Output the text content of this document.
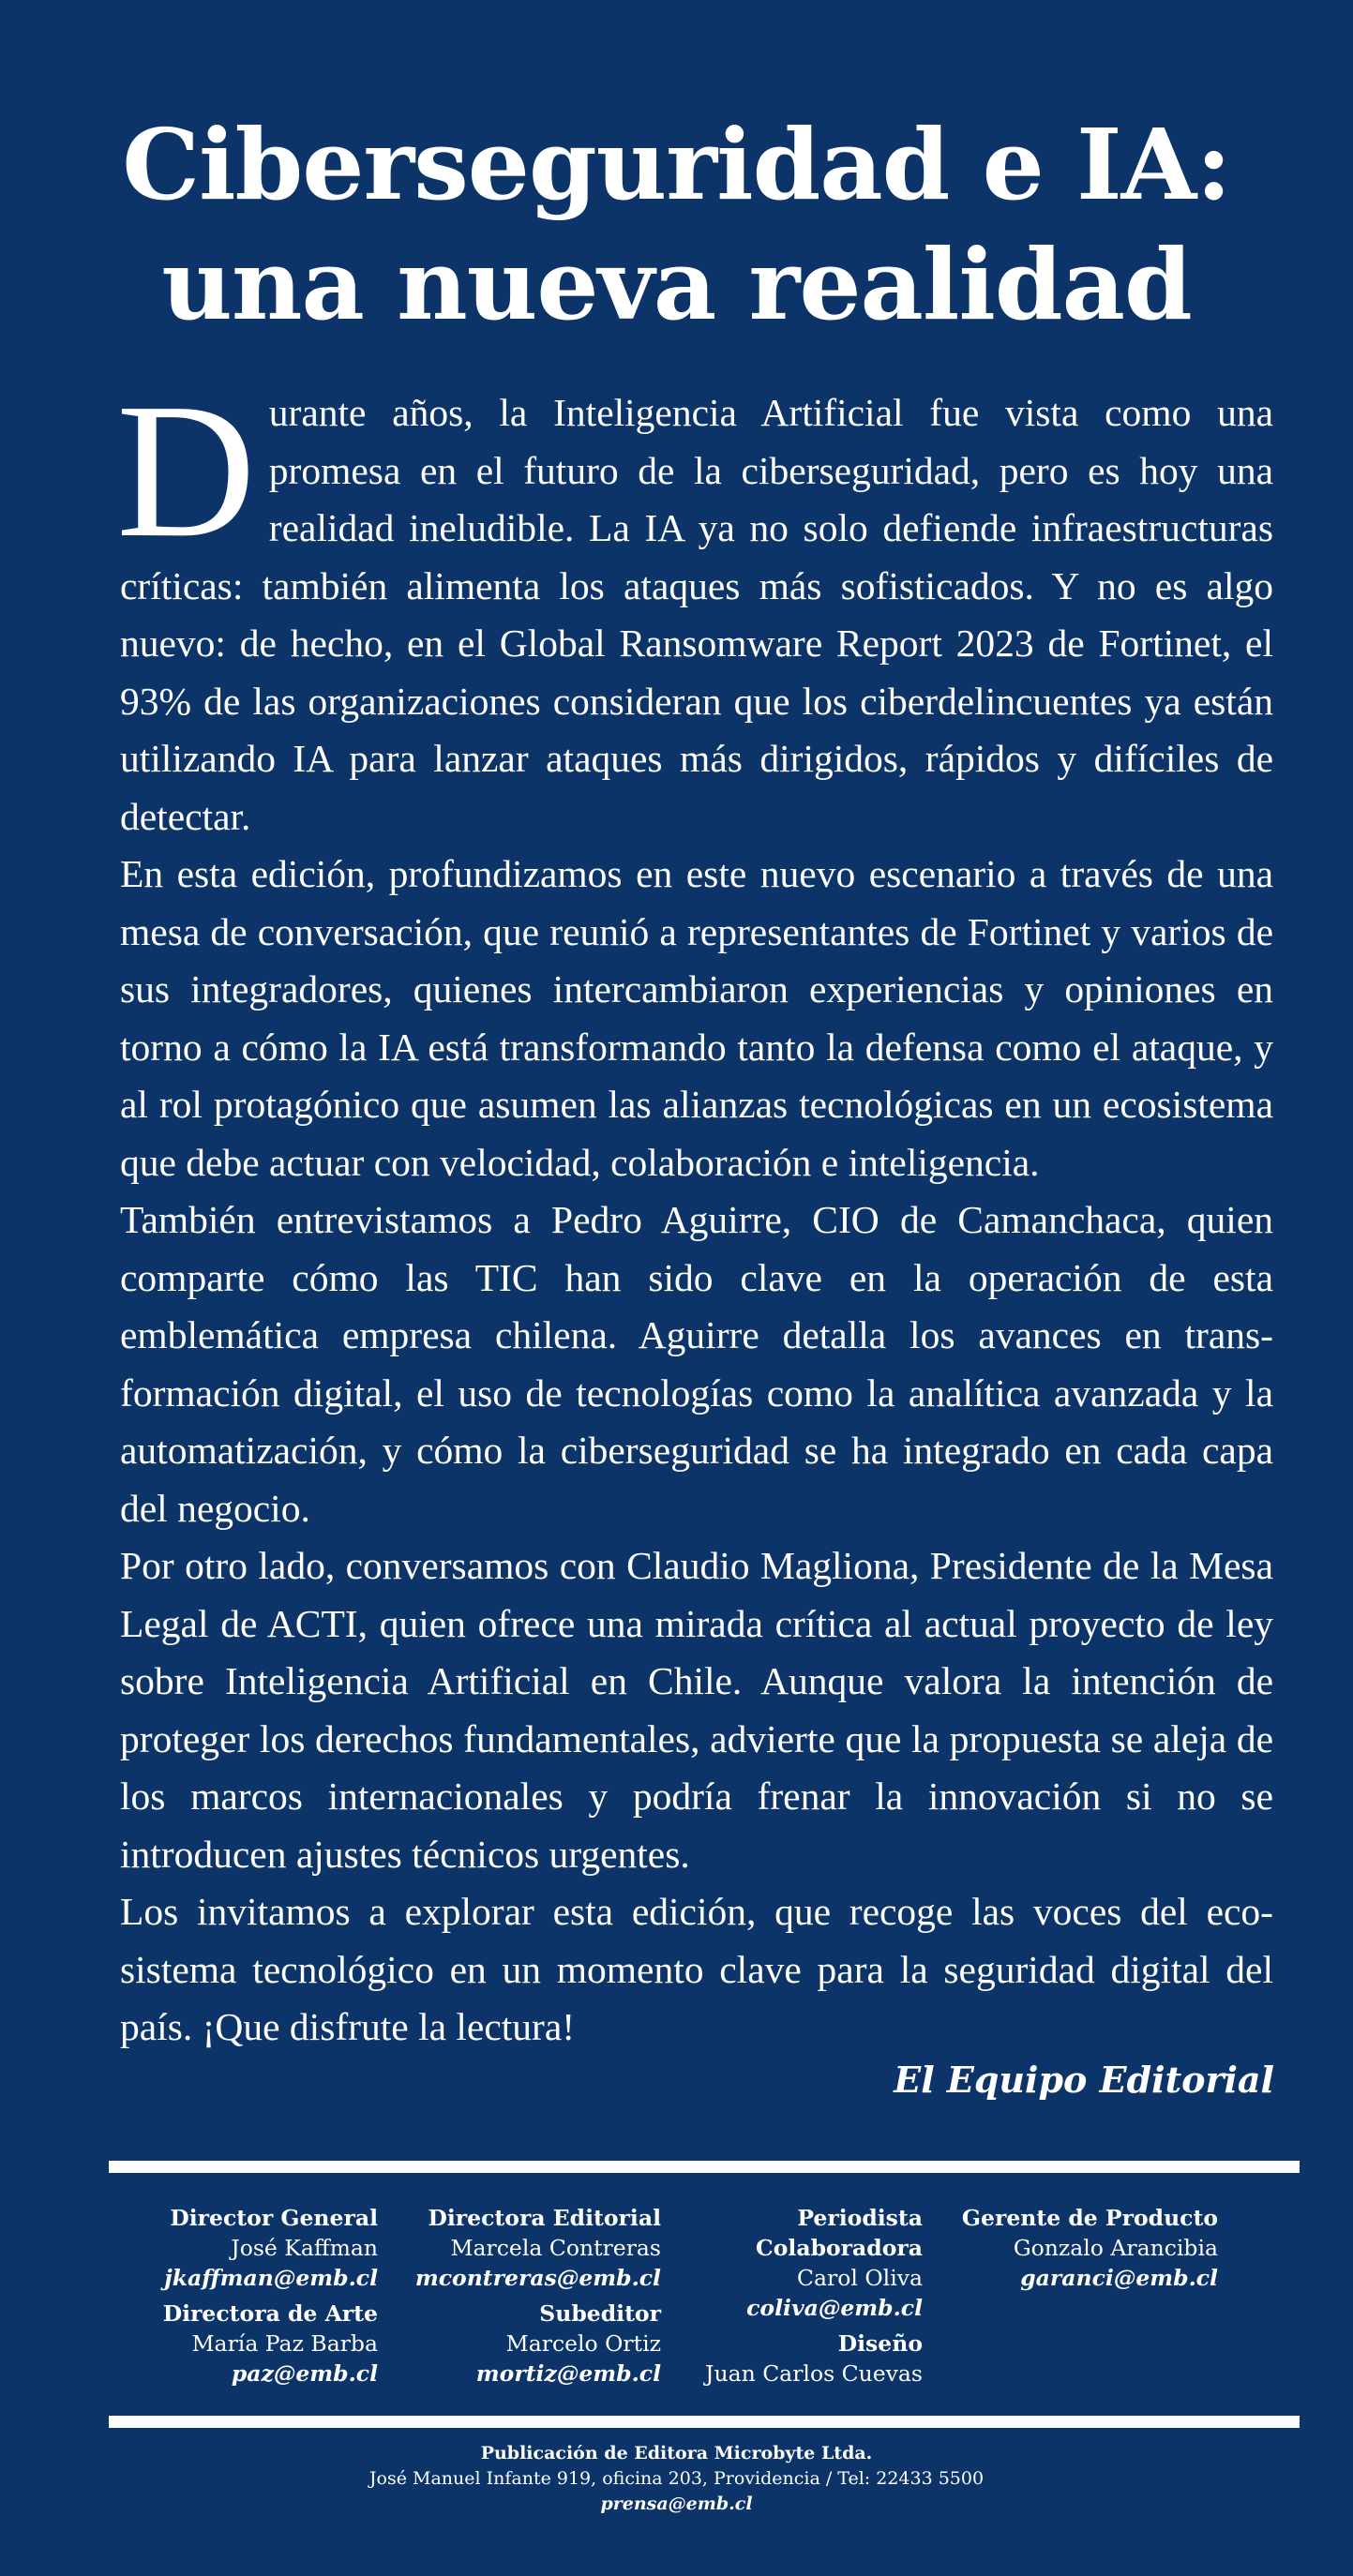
Ciberseguridad e IA:
una nueva realidad

Durante años, la Inteligencia Artificial fue vista como una promesa en el futuro de la ciberseguridad, pero es hoy una realidad ineludible. La IA ya no solo defiende infraestructuras críticas: también alimenta los ataques más sofisticados. Y no es algo nuevo: de hecho, en el Global Ransomware Report 2023 de Fortinet, el 93% de las organizaciones consideran que los ciberdelincuentes ya están utilizando IA para lanzar ataques más dirigidos, rápidos y difíciles de detectar.

En esta edición, profundizamos en este nuevo escenario a través de una mesa de conversación, que reunió a representantes de Fortinet y varios de sus integradores, quienes intercambiaron experiencias y opiniones en torno a cómo la IA está transformando tanto la defensa como el ataque, y al rol protagónico que asumen las alianzas tecnológicas en un ecosistema que debe actuar con velocidad, colaboración e inteligencia.

También entrevistamos a Pedro Aguirre, CIO de Camanchaca, quien comparte cómo las TIC han sido clave en la operación de esta emblemática empresa chilena. Aguirre detalla los avances en transformación digital, el uso de tecnologías como la analítica avanzada y la automatización, y cómo la ciberseguridad se ha integrado en cada capa del negocio.

Por otro lado, conversamos con Claudio Magliona, Presidente de la Mesa Legal de ACTI, quien ofrece una mirada crítica al actual proyecto de ley sobre Inteligencia Artificial en Chile. Aunque valora la intención de proteger los derechos fundamentales, advierte que la propuesta se aleja de los marcos internacionales y podría frenar la innovación si no se introducen ajustes técnicos urgentes.

Los invitamos a explorar esta edición, que recoge las voces del ecosistema tecnológico en un momento clave para la seguridad digital del país. ¡Que disfrute la lectura!

El Equipo Editorial
Director General
José Kaffman
jkaffman@emb.cl
Directora de Arte
María Paz Barba
paz@emb.cl
Directora Editorial
Marcela Contreras
mcontreras@emb.cl
Subeditor
Marcelo Ortiz
mortiz@emb.cl
Periodista
Colaboradora
Carol Oliva
coliva@emb.cl
Diseño
Juan Carlos Cuevas
Gerente de Producto
Gonzalo Arancibia
garanci@emb.cl
Publicación de Editora Microbyte Ltda.
José Manuel Infante 919, oficina 203, Providencia / Tel: 22433 5500
prensa@emb.cl
